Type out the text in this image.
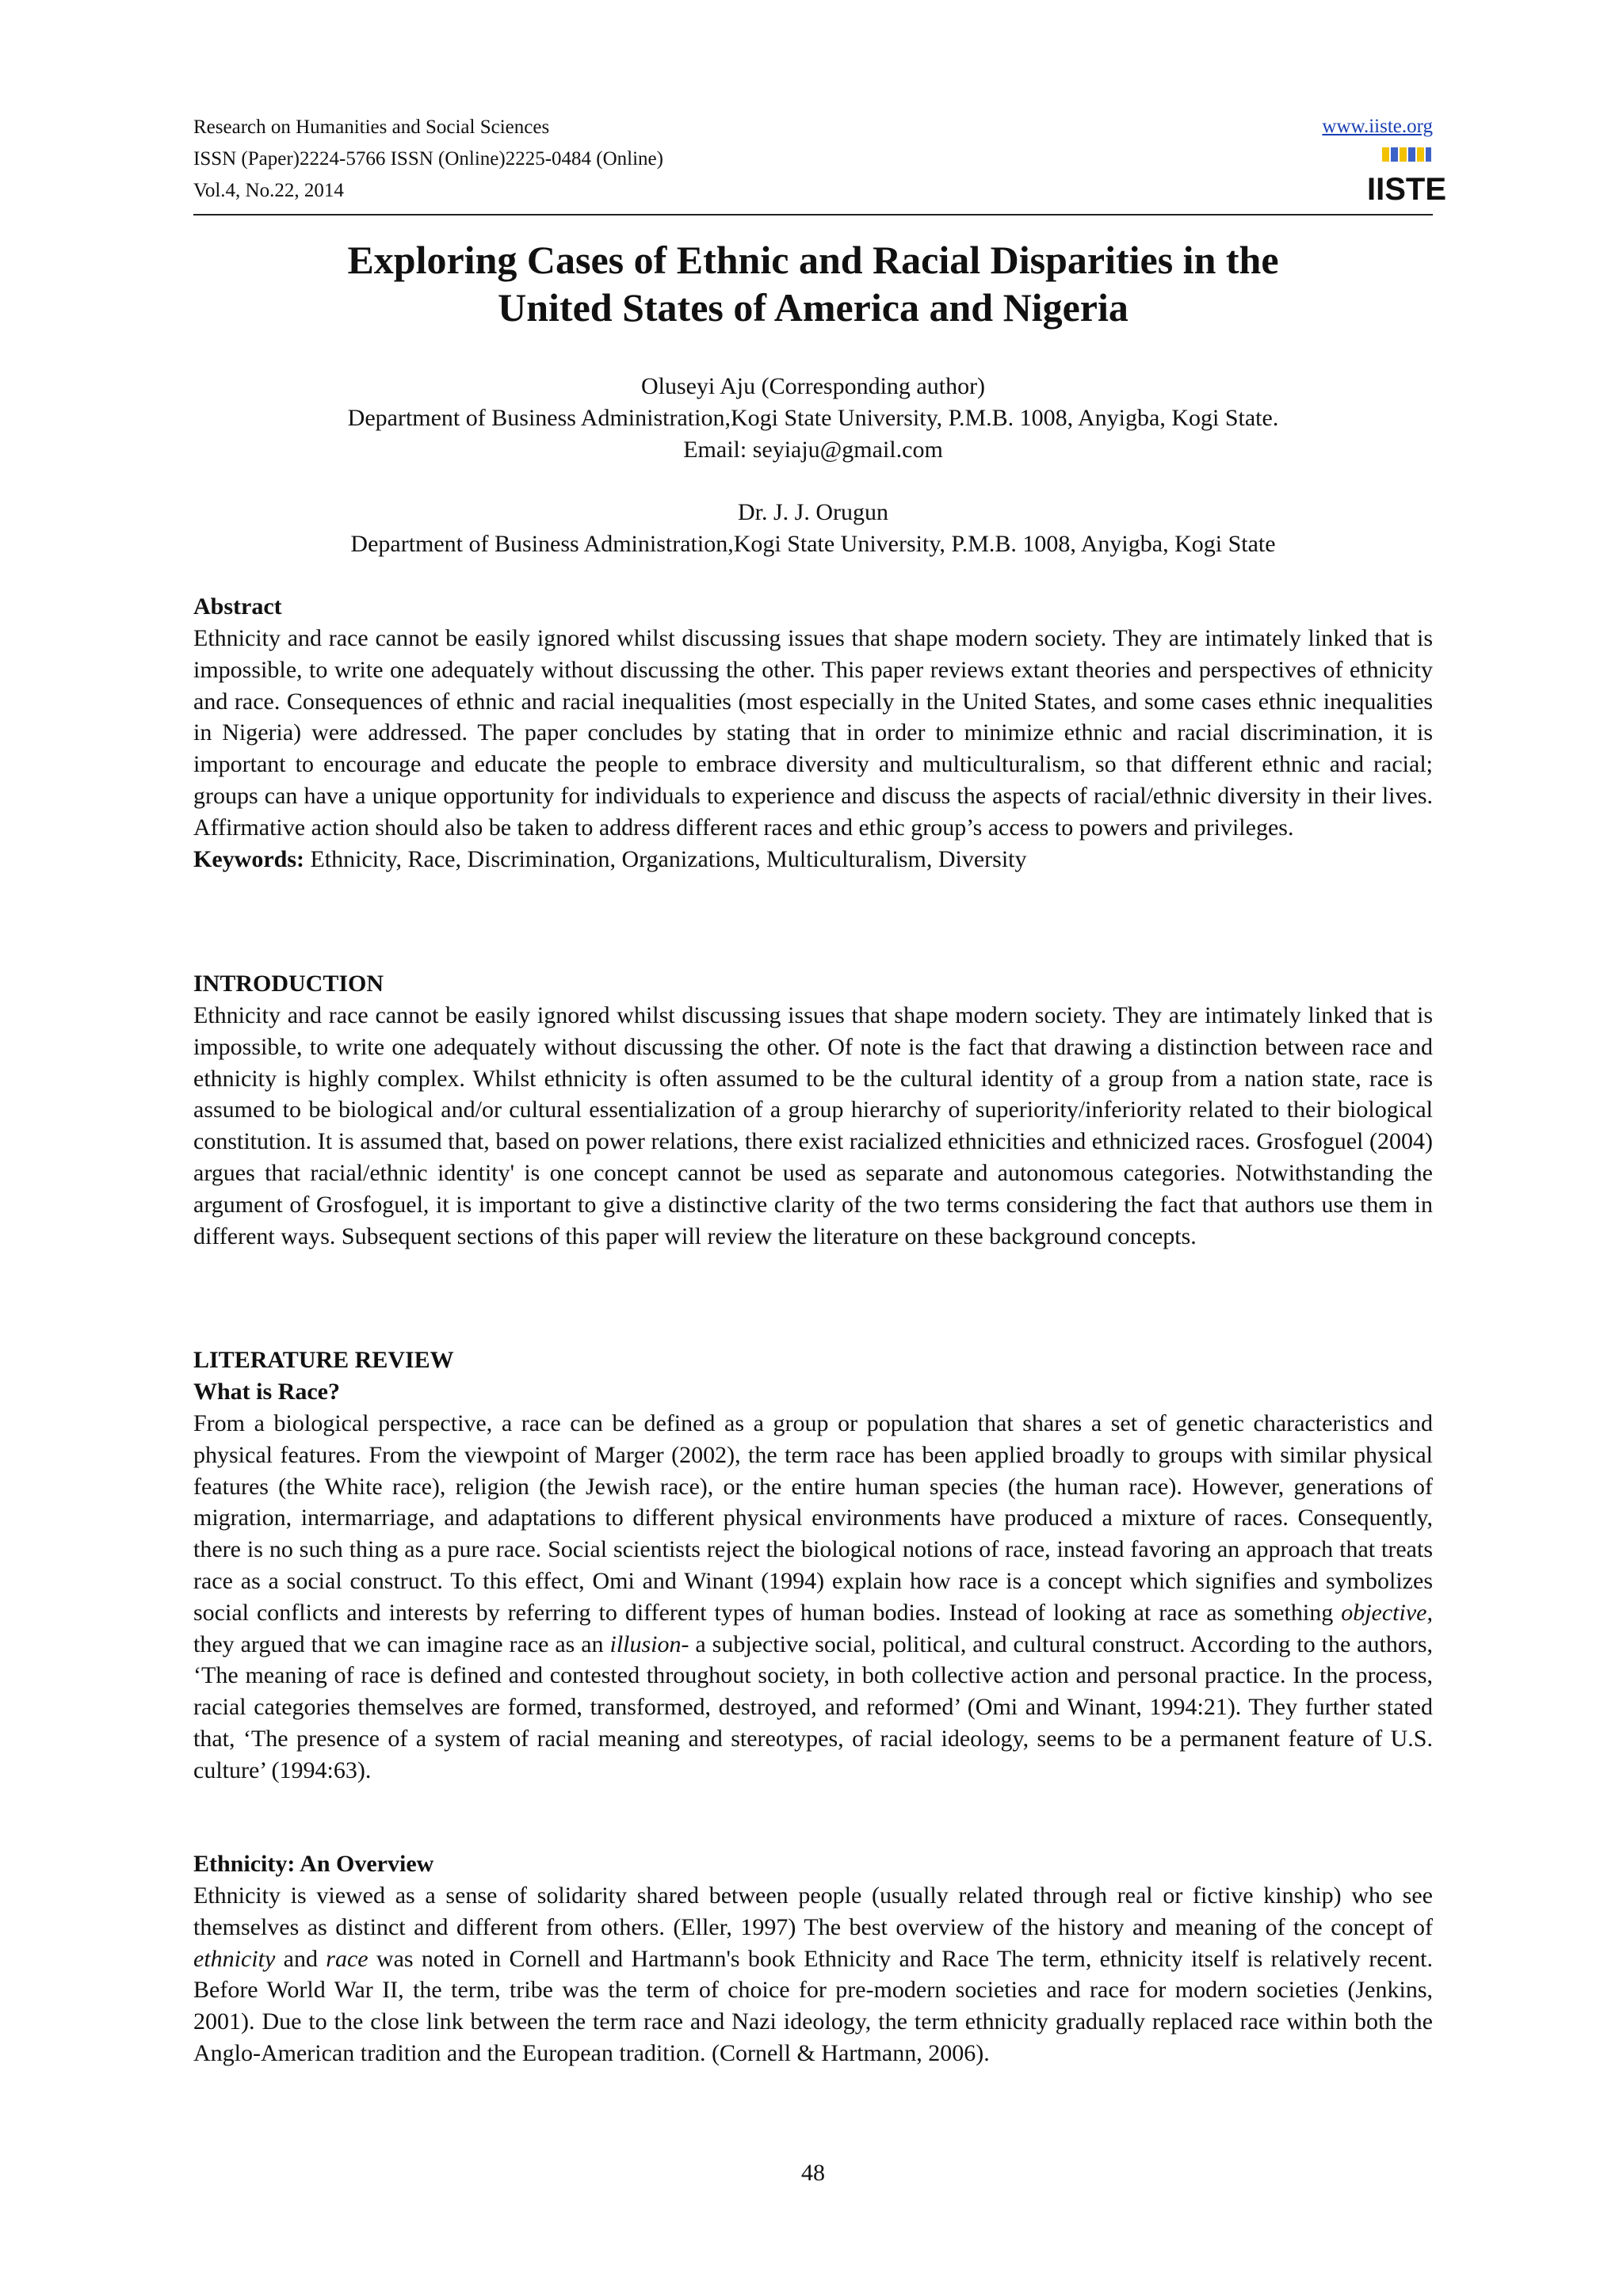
Research on Humanities and Social Sciences
ISSN (Paper)2224-5766 ISSN (Online)2225-0484 (Online)
Vol.4, No.22, 2014
www.iiste.org
IISTE
Exploring Cases of Ethnic and Racial Disparities in the
United States of America and Nigeria
Oluseyi Aju (Corresponding author)
Department of Business Administration,Kogi State University, P.M.B. 1008, Anyigba, Kogi State.
Email: seyiaju@gmail.com
Dr. J. J. Orugun
Department of Business Administration,Kogi State University, P.M.B. 1008, Anyigba, Kogi State
Abstract

Ethnicity and race cannot be easily ignored whilst discussing issues that shape modern society. They are intimately linked that is impossible, to write one adequately without discussing the other. This paper reviews extant theories and perspectives of ethnicity and race. Consequences of ethnic and racial inequalities (most especially in the United States, and some cases ethnic inequalities in Nigeria) were addressed. The paper concludes by stating that in order to minimize ethnic and racial discrimination, it is important to encourage and educate the people to embrace diversity and multiculturalism, so that different ethnic and racial; groups can have a unique opportunity for individuals to experience and discuss the aspects of racial/ethnic diversity in their lives. Affirmative action should also be taken to address different races and ethic group’s access to powers and privileges.

Keywords: Ethnicity, Race, Discrimination, Organizations, Multiculturalism, Diversity

INTRODUCTION

Ethnicity and race cannot be easily ignored whilst discussing issues that shape modern society. They are intimately linked that is impossible, to write one adequately without discussing the other. Of note is the fact that drawing a distinction between race and ethnicity is highly complex. Whilst ethnicity is often assumed to be the cultural identity of a group from a nation state, race is assumed to be biological and/or cultural essentialization of a group hierarchy of superiority/inferiority related to their biological constitution. It is assumed that, based on power relations, there exist racialized ethnicities and ethnicized races. Grosfoguel (2004) argues that racial/ethnic identity' is one concept cannot be used as separate and autonomous categories. Notwithstanding the argument of Grosfoguel, it is important to give a distinctive clarity of the two terms considering the fact that authors use them in different ways. Subsequent sections of this paper will review the literature on these background concepts.

LITERATURE REVIEW
What is Race?

From a biological perspective, a race can be defined as a group or population that shares a set of genetic characteristics and physical features. From the viewpoint of Marger (2002), the term race has been applied broadly to groups with similar physical features (the White race), religion (the Jewish race), or the entire human species (the human race). However, generations of migration, intermarriage, and adaptations to different physical environments have produced a mixture of races. Consequently, there is no such thing as a pure race. Social scientists reject the biological notions of race, instead favoring an approach that treats race as a social construct. To this effect, Omi and Winant (1994) explain how race is a concept which signifies and symbolizes social conflicts and interests by referring to different types of human bodies. Instead of looking at race as something objective, they argued that we can imagine race as an illusion- a subjective social, political, and cultural construct. According to the authors, ‘The meaning of race is defined and contested throughout society, in both collective action and personal practice. In the process, racial categories themselves are formed, transformed, destroyed, and reformed’ (Omi and Winant, 1994:21). They further stated that, ‘The presence of a system of racial meaning and stereotypes, of racial ideology, seems to be a permanent feature of U.S. culture’ (1994:63).

Ethnicity: An Overview

Ethnicity is viewed as a sense of solidarity shared between people (usually related through real or fictive kinship) who see themselves as distinct and different from others. (Eller, 1997) The best overview of the history and meaning of the concept of ethnicity and race was noted in Cornell and Hartmann's book Ethnicity and Race The term, ethnicity itself is relatively recent. Before World War II, the term, tribe was the term of choice for pre-modern societies and race for modern societies (Jenkins, 2001). Due to the close link between the term race and Nazi ideology, the term ethnicity gradually replaced race within both the Anglo-American tradition and the European tradition. (Cornell & Hartmann, 2006).

48
